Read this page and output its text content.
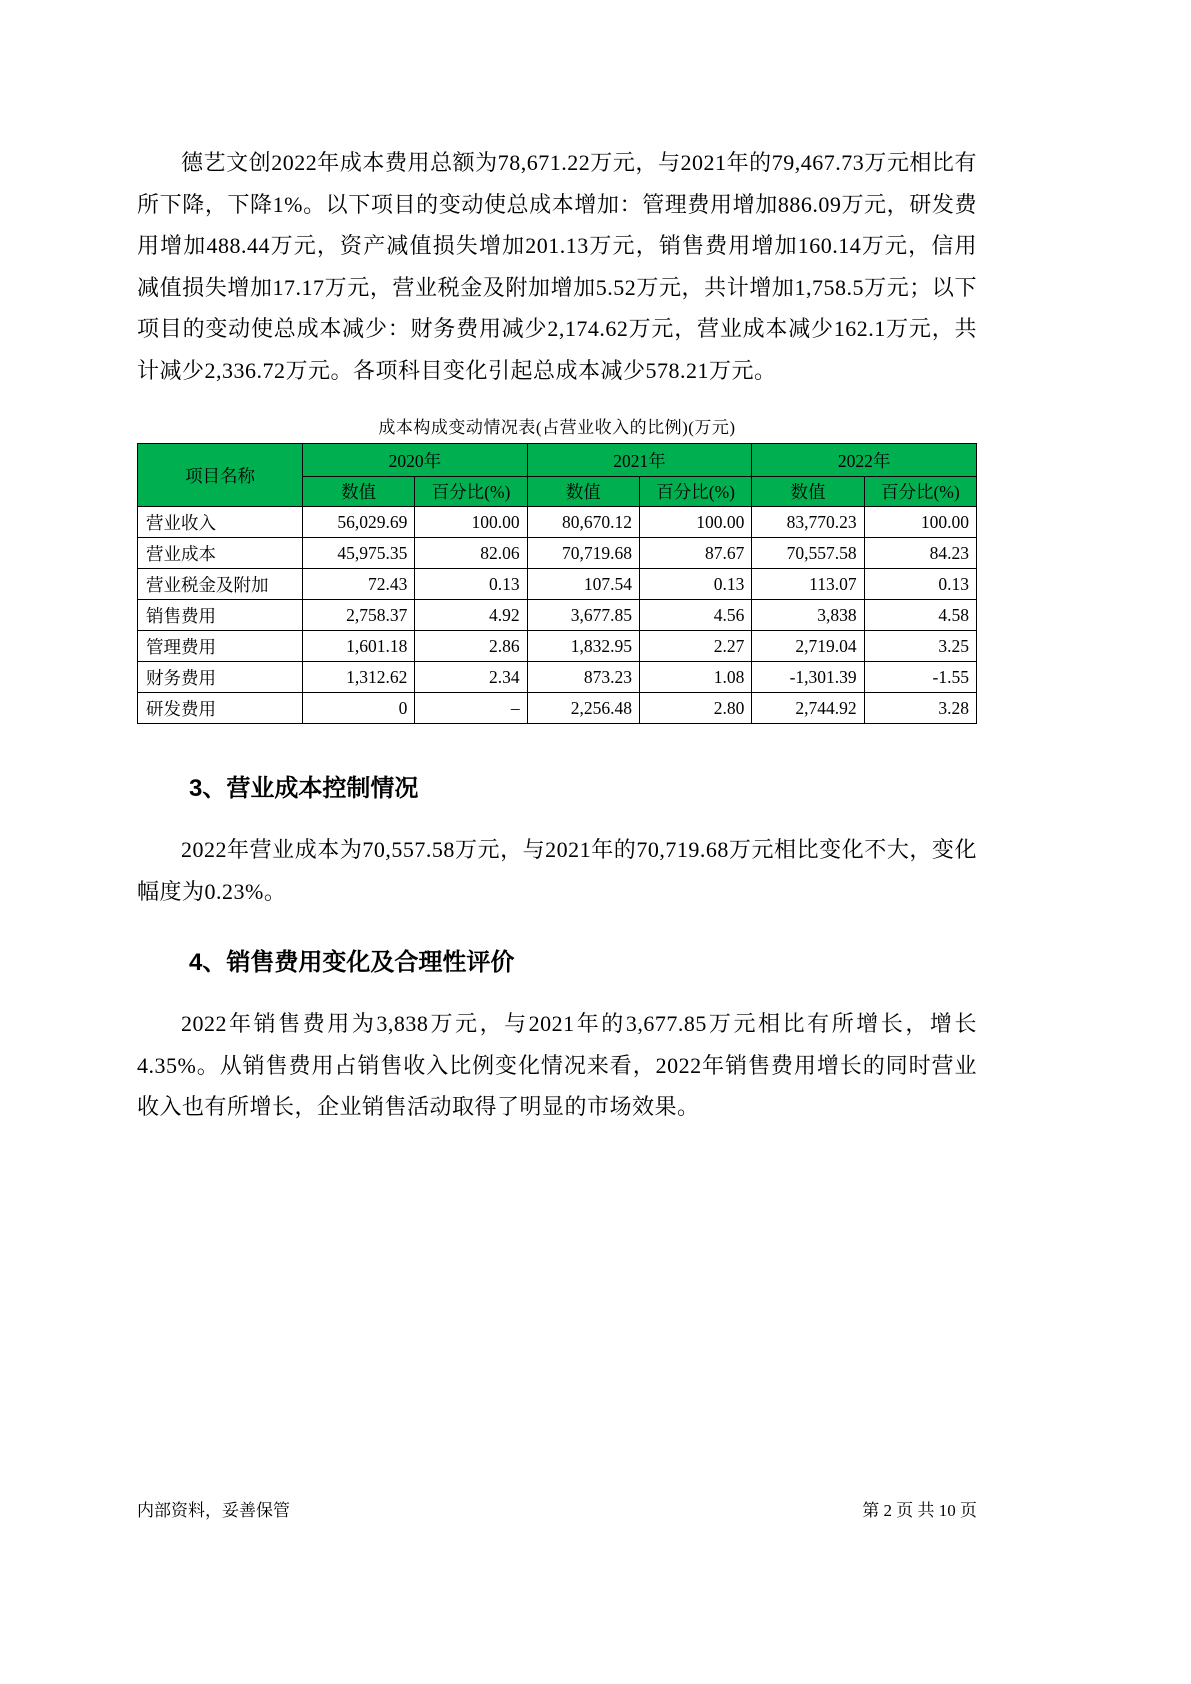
德艺文创2022年成本费用总额为78,671.22万元，与2021年的79,467.73万元相比有所下降，下降1%。以下项目的变动使总成本增加：管理费用增加886.09万元，研发费用增加488.44万元，资产减值损失增加201.13万元，销售费用增加160.14万元，信用减值损失增加17.17万元，营业税金及附加增加5.52万元，共计增加1,758.5万元；以下项目的变动使总成本减少：财务费用减少2,174.62万元，营业成本减少162.1万元，共计减少2,336.72万元。各项科目变化引起总成本减少578.21万元。

成本构成变动情况表(占营业收入的比例)(万元)
项目名称	2020年		2021年		2022年	
	数值	百分比(%)	数值	百分比(%)	数值	百分比(%)
营业收入	56,029.69	100.00	80,670.12	100.00	83,770.23	100.00
营业成本	45,975.35	82.06	70,719.68	87.67	70,557.58	84.23
营业税金及附加	72.43	0.13	107.54	0.13	113.07	0.13
销售费用	2,758.37	4.92	3,677.85	4.56	3,838	4.58
管理费用	1,601.18	2.86	1,832.95	2.27	2,719.04	3.25
财务费用	1,312.62	2.34	873.23	1.08	-1,301.39	-1.55
研发费用	0	–	2,256.48	2.80	2,744.92	3.28
3、营业成本控制情况

2022年营业成本为70,557.58万元，与2021年的70,719.68万元相比变化不大，变化幅度为0.23%。

4、销售费用变化及合理性评价

2022年销售费用为3,838万元，与2021年的3,677.85万元相比有所增长，增长4.35%。从销售费用占销售收入比例变化情况来看，2022年销售费用增长的同时营业收入也有所增长，企业销售活动取得了明显的市场效果。

内部资料，妥善保管	第 2 页 共 10 页
